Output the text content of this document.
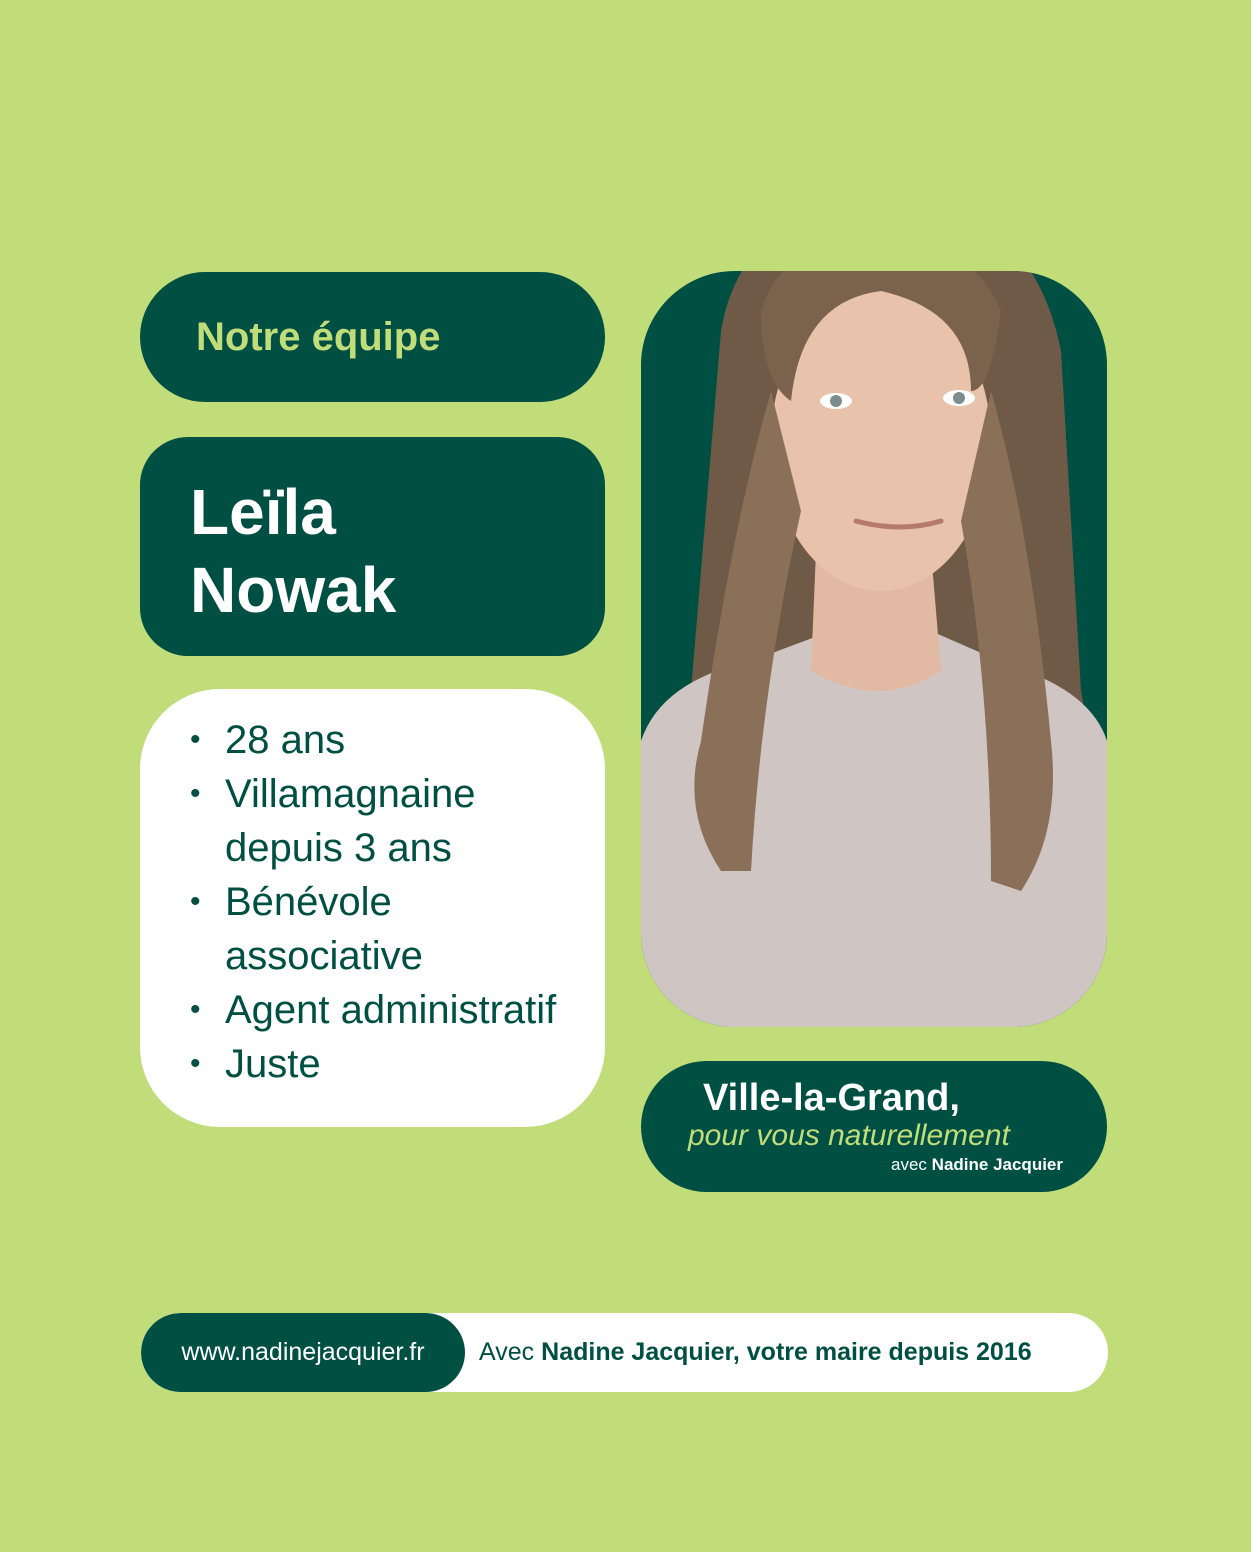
Notre équipe
Leïla
Nowak
• 28 ans
• Villamagnaine
depuis 3 ans
• Bénévole
associative
• Agent administratif
• Juste
Ville-la-Grand,
pour vous naturellement
avec Nadine Jacquier
www.nadinejacquier.fr	Avec Nadine Jacquier, votre maire depuis 2016
